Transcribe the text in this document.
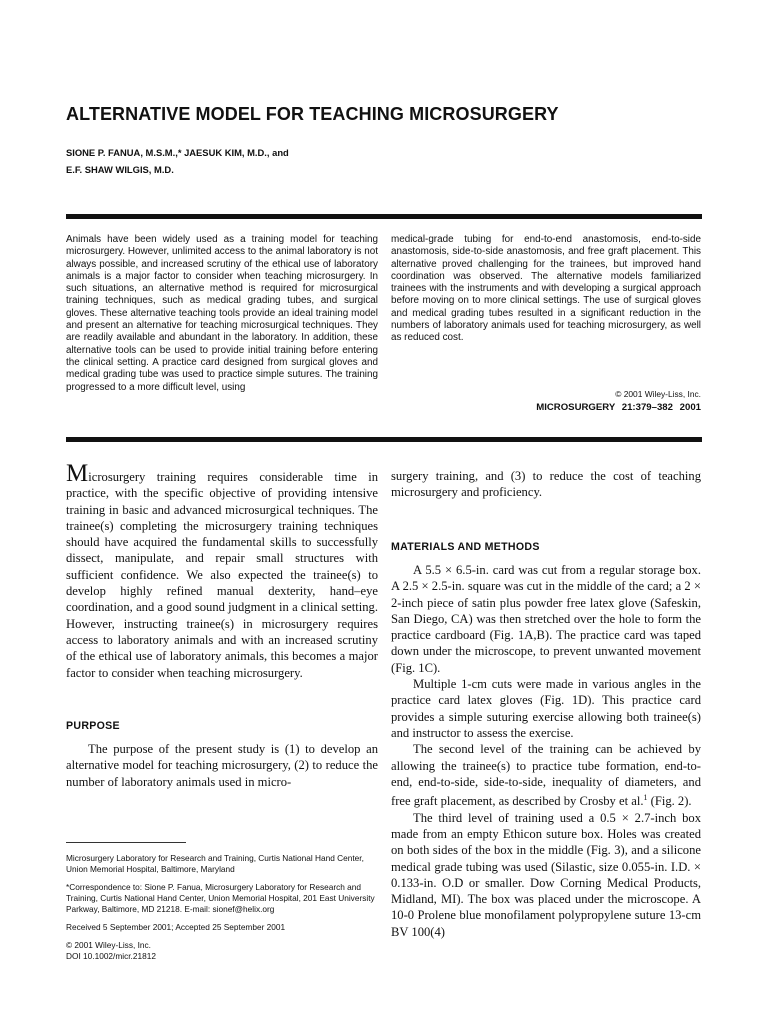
ALTERNATIVE MODEL FOR TEACHING MICROSURGERY
SIONE P. FANUA, M.S.M.,* JAESUK KIM, M.D., and
E.F. SHAW WILGIS, M.D.

Animals have been widely used as a training model for teaching microsurgery. However, unlimited access to the animal laboratory is not always possible, and increased scrutiny of the ethical use of laboratory animals is a major factor to consider when teaching microsurgery. In such situations, an alternative method is required for microsurgical training techniques, such as medical grading tubes, and surgical gloves. These alternative teaching tools provide an ideal training model and present an alternative for teaching microsurgical techniques. They are readily available and abundant in the laboratory. In addition, these alternative tools can be used to provide initial training before entering the clinical setting. A practice card designed from surgical gloves and medical grading tube was used to practice simple sutures. The training progressed to a more difficult level, using

medical-grade tubing for end-to-end anastomosis, end-to-side anastomosis, side-to-side anastomosis, and free graft placement. This alternative proved challenging for the trainees, but improved hand coordination was observed. The alternative models familiarized trainees with the instruments and with developing a surgical approach before moving on to more clinical settings. The use of surgical gloves and medical grading tubes resulted in a significant reduction in the numbers of laboratory animals used for teaching microsurgery, as well as reduced cost.

© 2001 Wiley-Liss, Inc.
MICROSURGERY 21:379–382 2001

Microsurgery training requires considerable time in practice, with the specific objective of providing intensive training in basic and advanced microsurgical techniques. The trainee(s) completing the microsurgery training techniques should have acquired the fundamental skills to successfully dissect, manipulate, and repair small structures with sufficient confidence. We also expected the trainee(s) to develop highly refined manual dexterity, hand–eye coordination, and a good sound judgment in a clinical setting. However, instructing trainee(s) in microsurgery requires access to laboratory animals and with an increased scrutiny of the ethical use of laboratory animals, this becomes a major factor to consider when teaching microsurgery.

PURPOSE

The purpose of the present study is (1) to develop an alternative model for teaching microsurgery, (2) to reduce the number of laboratory animals used in micro-

Microsurgery Laboratory for Research and Training, Curtis National Hand Center, Union Memorial Hospital, Baltimore, Maryland

*Correspondence to: Sione P. Fanua, Microsurgery Laboratory for Research and Training, Curtis National Hand Center, Union Memorial Hospital, 201 East University Parkway, Baltimore, MD 21218. E-mail: sionef@helix.org

Received 5 September 2001; Accepted 25 September 2001

© 2001 Wiley-Liss, Inc.
DOI 10.1002/micr.21812

surgery training, and (3) to reduce the cost of teaching microsurgery and proficiency.

MATERIALS AND METHODS

A 5.5 × 6.5-in. card was cut from a regular storage box. A 2.5 × 2.5-in. square was cut in the middle of the card; a 2 × 2-inch piece of satin plus powder free latex glove (Safeskin, San Diego, CA) was then stretched over the hole to form the practice cardboard (Fig. 1A,B). The practice card was taped down under the microscope, to prevent unwanted movement (Fig. 1C).

Multiple 1-cm cuts were made in various angles in the practice card latex gloves (Fig. 1D). This practice card provides a simple suturing exercise allowing both trainee(s) and instructor to assess the exercise.

The second level of the training can be achieved by allowing the trainee(s) to practice tube formation, end-to-end, end-to-side, side-to-side, inequality of diameters, and free graft placement, as described by Crosby et al.$^1$ (Fig. 2).

The third level of training used a 0.5 × 2.7-inch box made from an empty Ethicon suture box. Holes was created on both sides of the box in the middle (Fig. 3), and a silicone medical grade tubing was used (Silastic, size 0.055-in. I.D. × 0.133-in. O.D or smaller. Dow Corning Medical Products, Midland, MI). The box was placed under the microscope. A 10-0 Prolene blue monofilament polypropylene suture 13-cm BV 100(4)
